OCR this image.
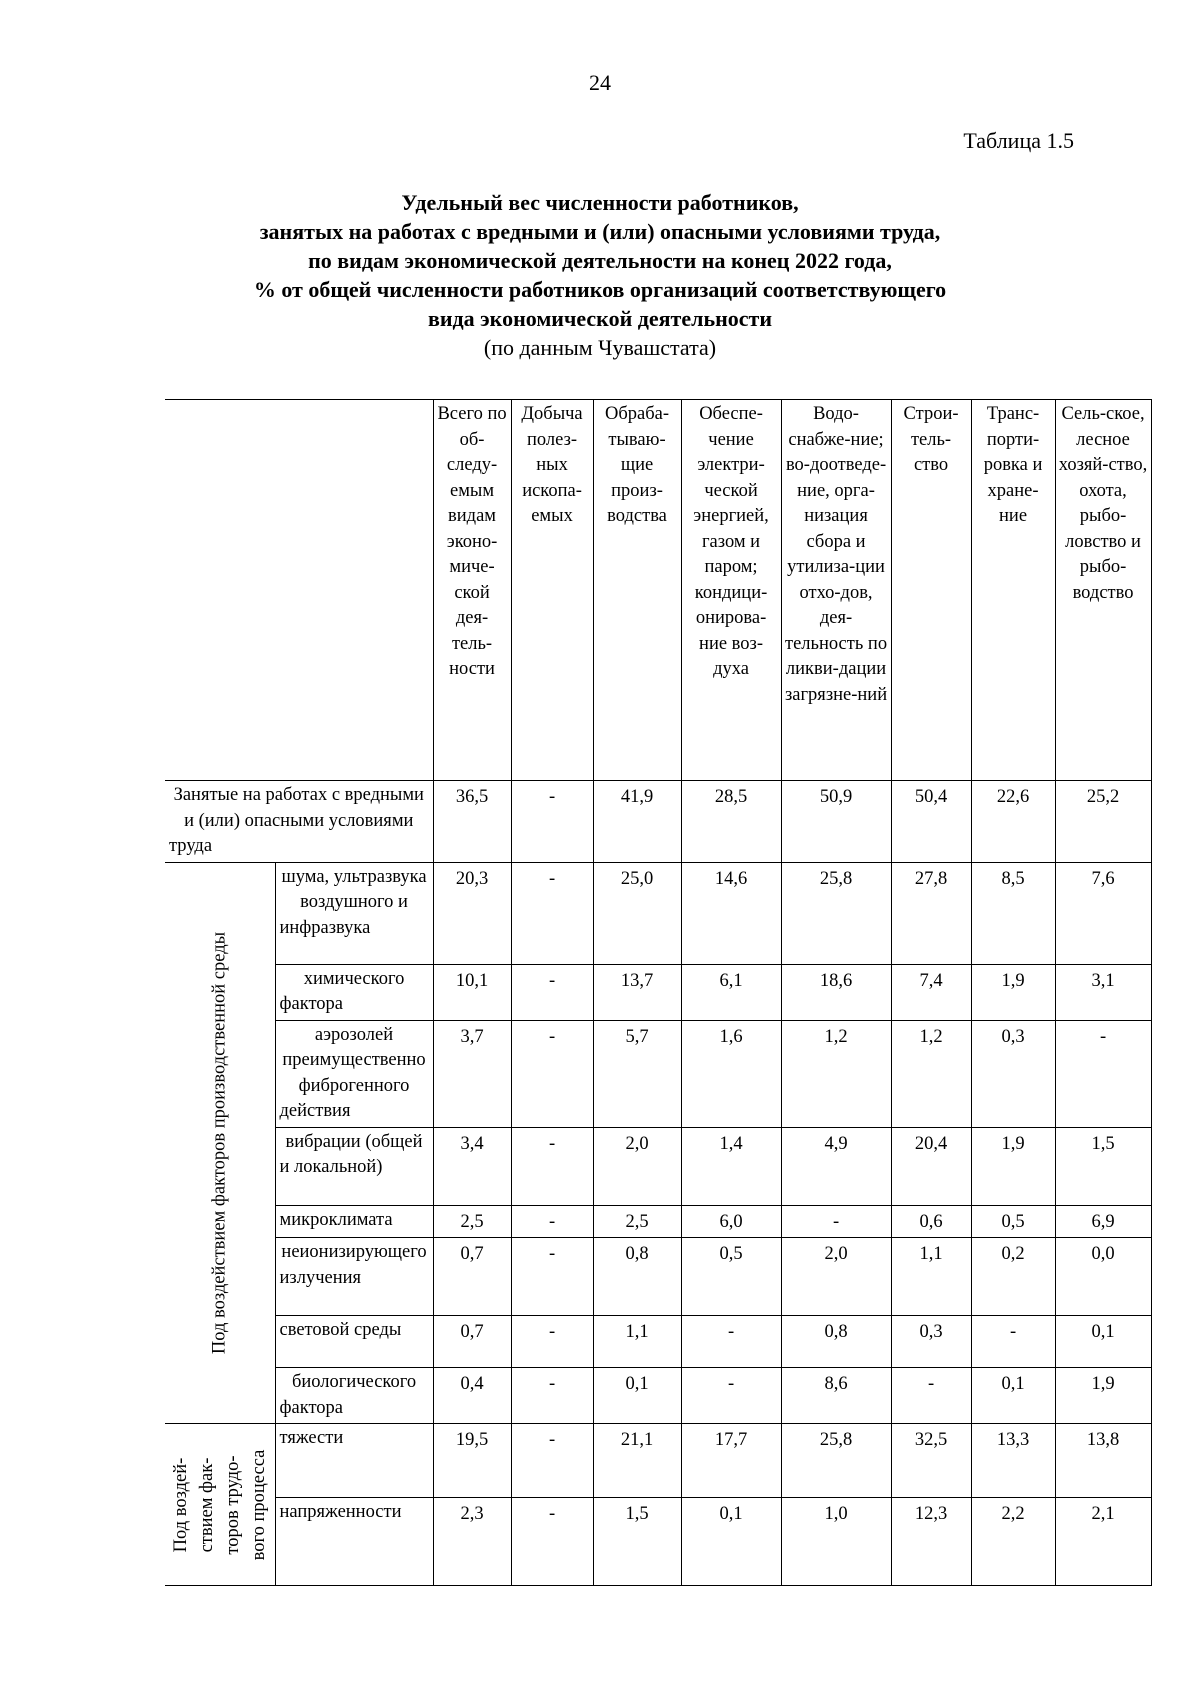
24
Таблица 1.5
Удельный вес численности работников,
занятых на работах с вредными и (или) опасными условиями труда,
по видам экономической деятельности на конец 2022 года,
% от общей численности работников организаций соответствующего
вида экономической деятельности
(по данным Чувашстата)
		Всего по об-следу-емым видам эконо-миче-ской дея-тель-ности	Добыча полез-ных ископа-емых	Обраба-тываю-щие произ-водства	Обеспе-чение электри-ческой энергией, газом и паром; кондици-онирова-ние воз-духа	Водо-снабже-ние; во-доотведе-ние, орга-низация сбора и утилиза-ции отхо-дов, дея-тельность по ликви-дации загрязне-ний	Строи-тель-ство	Транс-порти-ровка и хране-ние	Сель-ское, лесное хозяй-ство, охота, рыбо-ловство и рыбо-водство
Занятые на работах с вредными и (или) опасными условиями труда		36,5	-	41,9	28,5	50,9	50,4	22,6	25,2

Под воздействием факторов производственной среды	шума, ультразвука воздушного и инфразвука	20,3	-	25,0	14,6	25,8	27,8	8,5	7,6
	химического фактора	10,1	-	13,7	6,1	18,6	7,4	1,9	3,1
	аэрозолей преимущественно фиброгенного действия	3,7	-	5,7	1,6	1,2	1,2	0,3	-
	вибрации (общей и локальной)	3,4	-	2,0	1,4	4,9	20,4	1,9	1,5
	микроклимата	2,5	-	2,5	6,0	-	0,6	0,5	6,9
	неионизирующего излучения	0,7	-	0,8	0,5	2,0	1,1	0,2	0,0
	световой среды	0,7	-	1,1	-	0,8	0,3	-	0,1
	биологического фактора	0,4	-	0,1	-	8,6	-	0,1	1,9

Под воздей- ствием фак- торов трудо- вого процесса	тяжести	19,5	-	21,1	17,7	25,8	32,5	13,3	13,8
	напряженности	2,3	-	1,5	0,1	1,0	12,3	2,2	2,1
